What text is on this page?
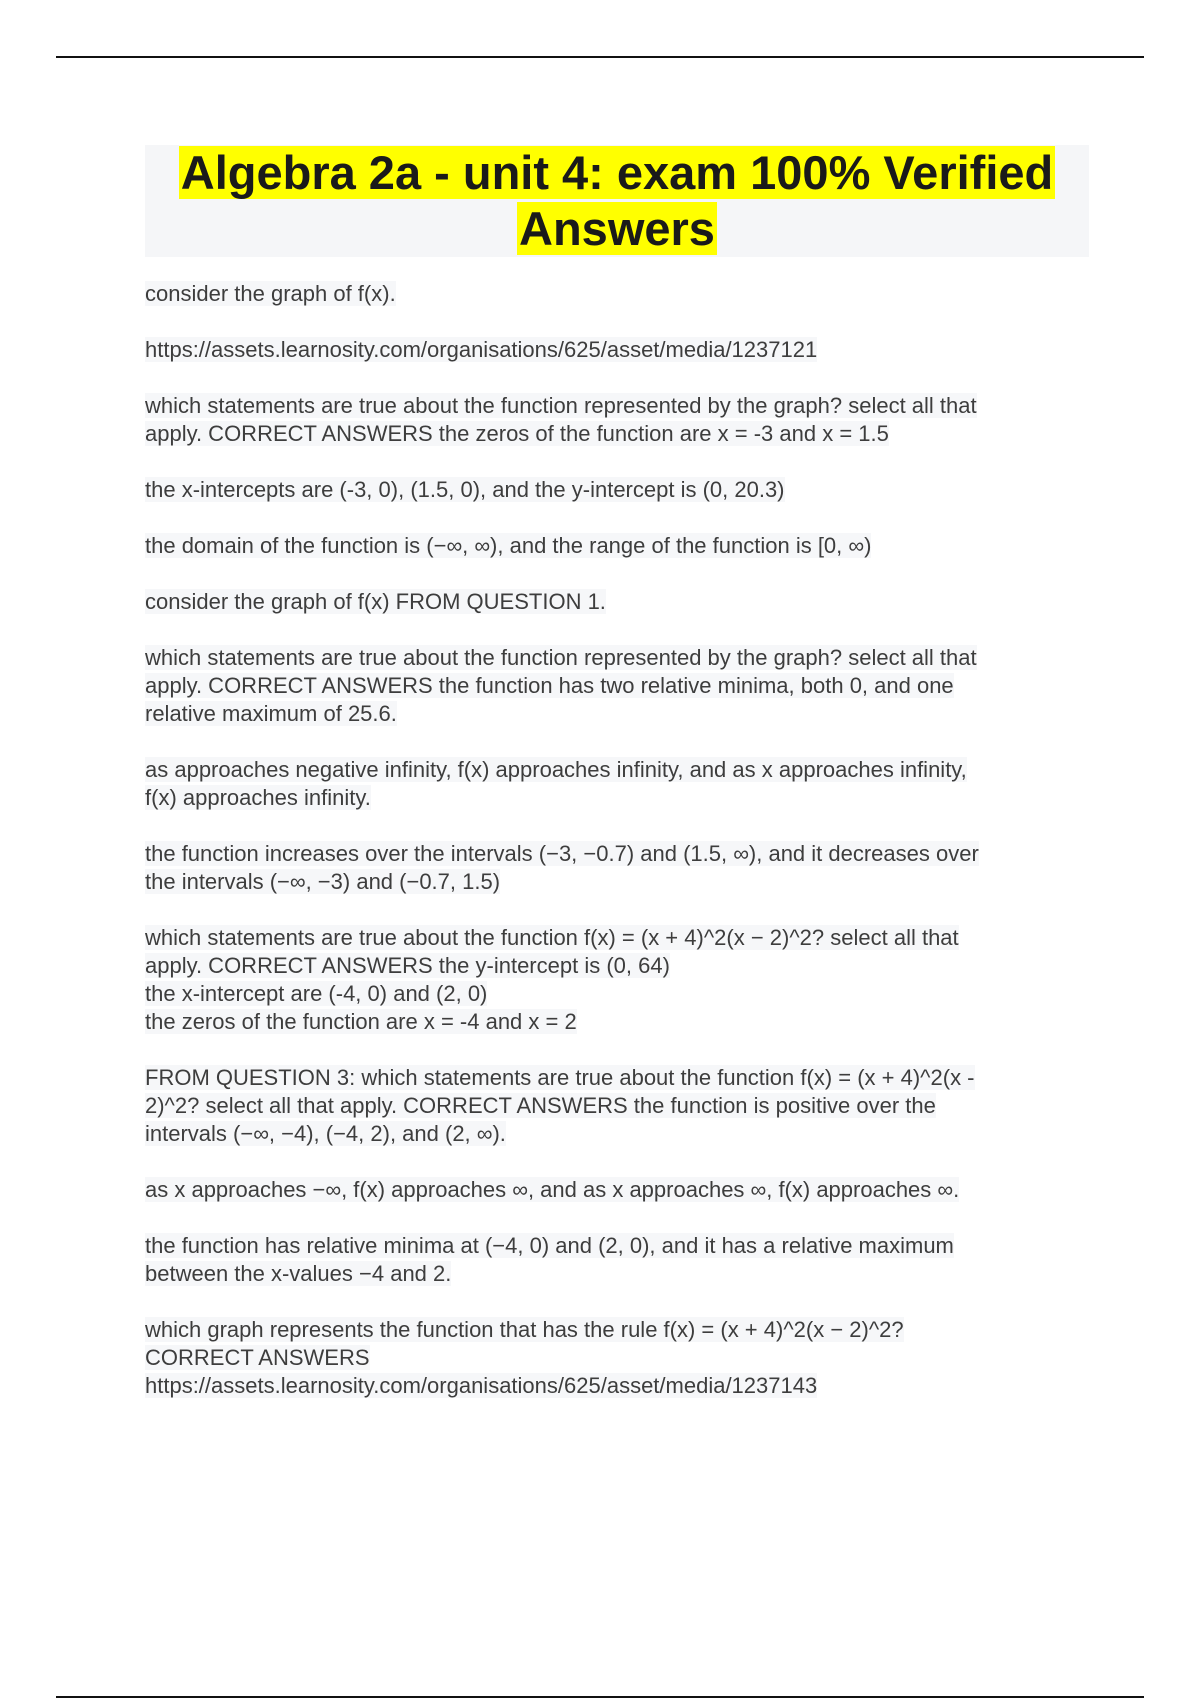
Algebra 2a - unit 4: exam 100% Verified
Answers
consider the graph of f(x).
https://assets.learnosity.com/organisations/625/asset/media/1237121
which statements are true about the function represented by the graph? select all that
apply. CORRECT ANSWERS the zeros of the function are x = -3 and x = 1.5
the x-intercepts are (-3, 0), (1.5, 0), and the y-intercept is (0, 20.3)
the domain of the function is (−∞, ∞), and the range of the function is [0, ∞)
consider the graph of f(x) FROM QUESTION 1.
which statements are true about the function represented by the graph? select all that
apply. CORRECT ANSWERS the function has two relative minima, both 0, and one
relative maximum of 25.6.
as approaches negative infinity, f(x) approaches infinity, and as x approaches infinity,
f(x) approaches infinity.
the function increases over the intervals (−3, −0.7) and (1.5, ∞), and it decreases over
the intervals (−∞, −3) and (−0.7, 1.5)
which statements are true about the function f(x) = (x + 4)^2(x − 2)^2? select all that
apply. CORRECT ANSWERS the y-intercept is (0, 64)
the x-intercept are (-4, 0) and (2, 0)
the zeros of the function are x = -4 and x = 2
FROM QUESTION 3: which statements are true about the function f(x) = (x + 4)^2(x -
2)^2? select all that apply. CORRECT ANSWERS the function is positive over the
intervals (−∞, −4), (−4, 2), and (2, ∞).
as x approaches −∞, f(x) approaches ∞, and as x approaches ∞, f(x) approaches ∞.
the function has relative minima at (−4, 0) and (2, 0), and it has a relative maximum
between the x-values −4 and 2.
which graph represents the function that has the rule f(x) = (x + 4)^2(x − 2)^2?
CORRECT ANSWERS
https://assets.learnosity.com/organisations/625/asset/media/1237143
